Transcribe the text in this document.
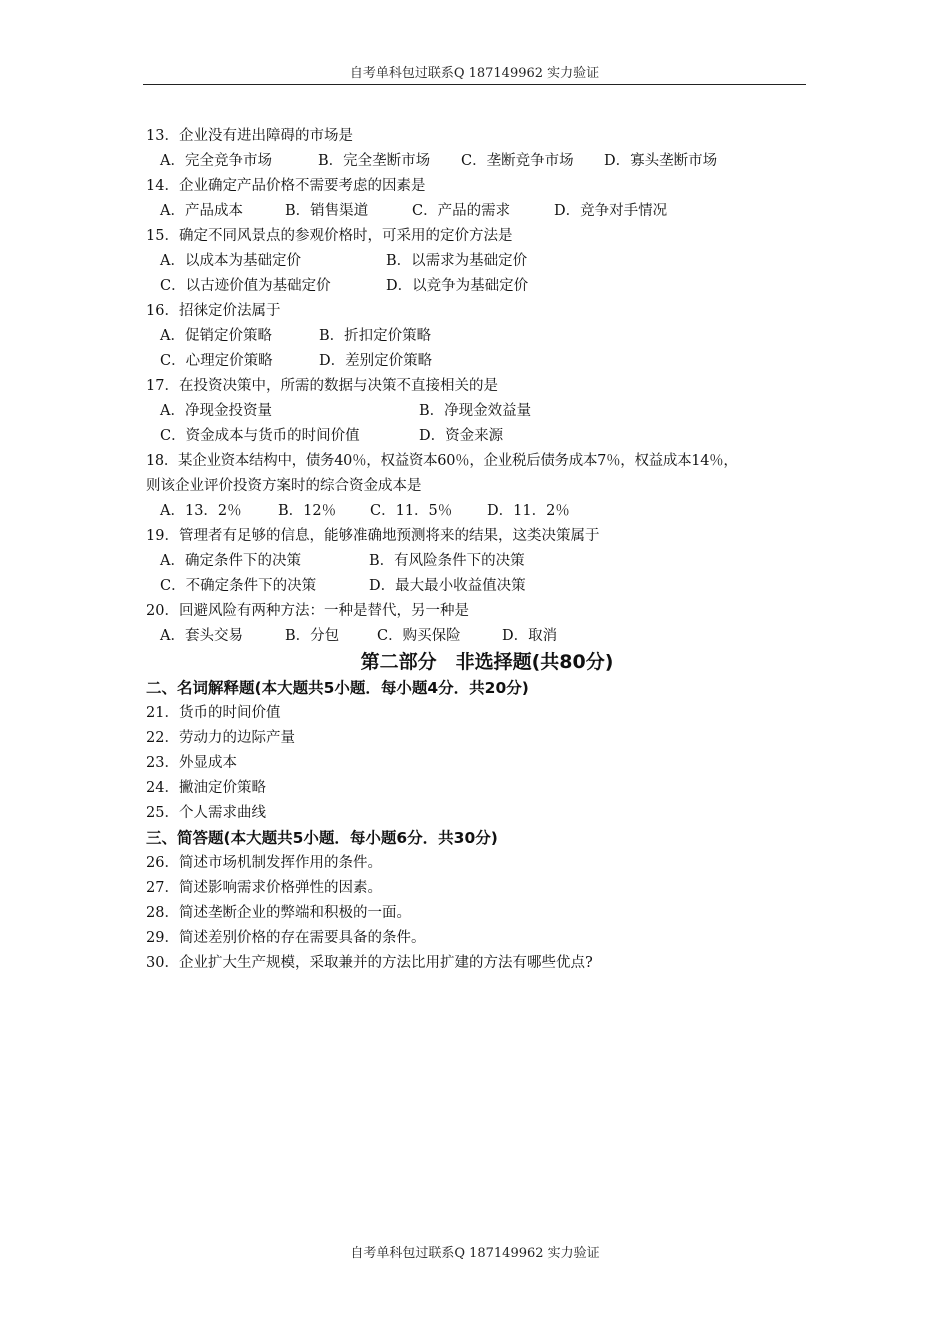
自考单科包过联系Q 187149962 实力验证
13．企业没有进出障碍的市场是
A．完全竞争市场	B．完全垄断市场	C．垄断竞争市场	D．寡头垄断市场
14．企业确定产品价格不需要考虑的因素是
A．产品成本	B．销售渠道	C．产品的需求	D．竞争对手情况
15．确定不同风景点的参观价格时，可采用的定价方法是
A．以成本为基础定价	B．以需求为基础定价
C．以古迹价值为基础定价	D．以竞争为基础定价
16．招徕定价法属于
A．促销定价策略	B．折扣定价策略
C．心理定价策略	D．差别定价策略
17．在投资决策中，所需的数据与决策不直接相关的是
A．净现金投资量	B．净现金效益量
C．资金成本与货币的时间价值	D．资金来源
18．某企业资本结构中，债务40％，权益资本60％，企业税后债务成本7％，权益成本14％，
则该企业评价投资方案时的综合资金成本是
A．13．2％	B．12％	C．11．5％	D．11．2％
19．管理者有足够的信息，能够准确地预测将来的结果，这类决策属于
A．确定条件下的决策	B．有风险条件下的决策
C．不确定条件下的决策	D．最大最小收益值决策
20．回避风险有两种方法：一种是替代，另一种是
A．套头交易	B．分包	C．购买保险	D．取消
第二部分　非选择题(共80分)
二、名词解释题(本大题共5小题．每小题4分．共20分)
21．货币的时间价值
22．劳动力的边际产量
23．外显成本
24．撇油定价策略
25．个人需求曲线
三、简答题(本大题共5小题．每小题6分．共30分)
26．简述市场机制发挥作用的条件。
27．简述影响需求价格弹性的因素。
28．简述垄断企业的弊端和积极的一面。
29．简述差别价格的存在需要具备的条件。
30．企业扩大生产规模，采取兼并的方法比用扩建的方法有哪些优点?
自考单科包过联系Q 187149962 实力验证
